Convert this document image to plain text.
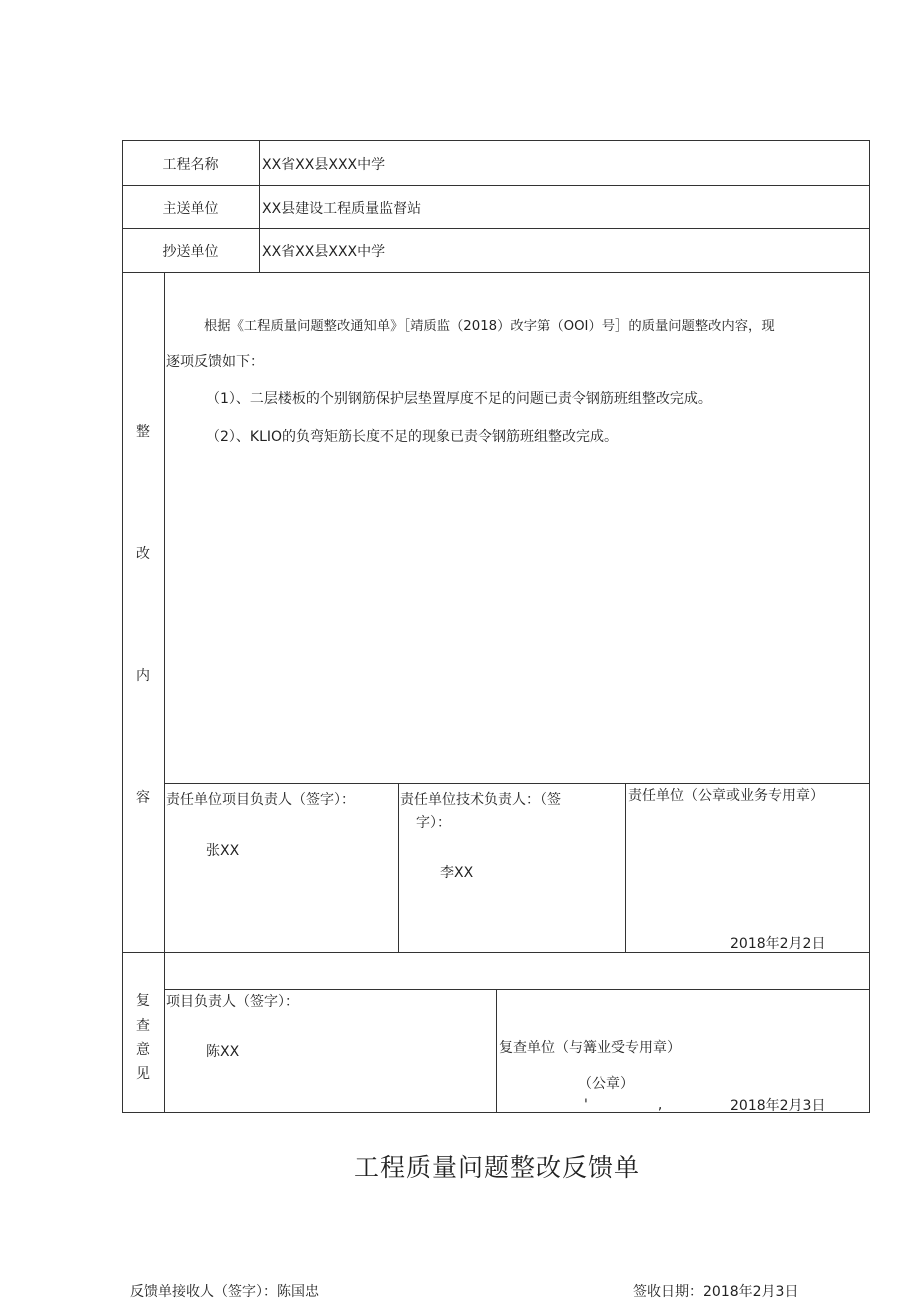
工程名称	XX省XX县XXX中学
主送单位	XX县建设工程质量监督站
抄送单位	XX省XX县XXX中学
整
改
内
容
根据《工程质量问题整改通知单》［靖质监（2018）改字第（OOI）号］的质量问题整改内容，现
逐项反馈如下：
（1）、二层楼板的个别钢筋保护层垫置厚度不足的问题已责令钢筋班组整改完成。
（2）、KLIO的负弯矩筋长度不足的现象已责令钢筋班组整改完成。
责任单位项目负责人（签字）：
张XX
责任单位技术负责人：（签
字）：
李XX
责任单位（公章或业务专用章）
2018年2月2日
复
查
意
见
项目负责人（签字）：
陈XX	复查单位（与篝业受专用章）
（公章）
'　　　　　,	2018年2月3日
工程质量问题整改反馈单
反馈单接收人（签字）：陈国忠	签收日期：2018年2月3日
